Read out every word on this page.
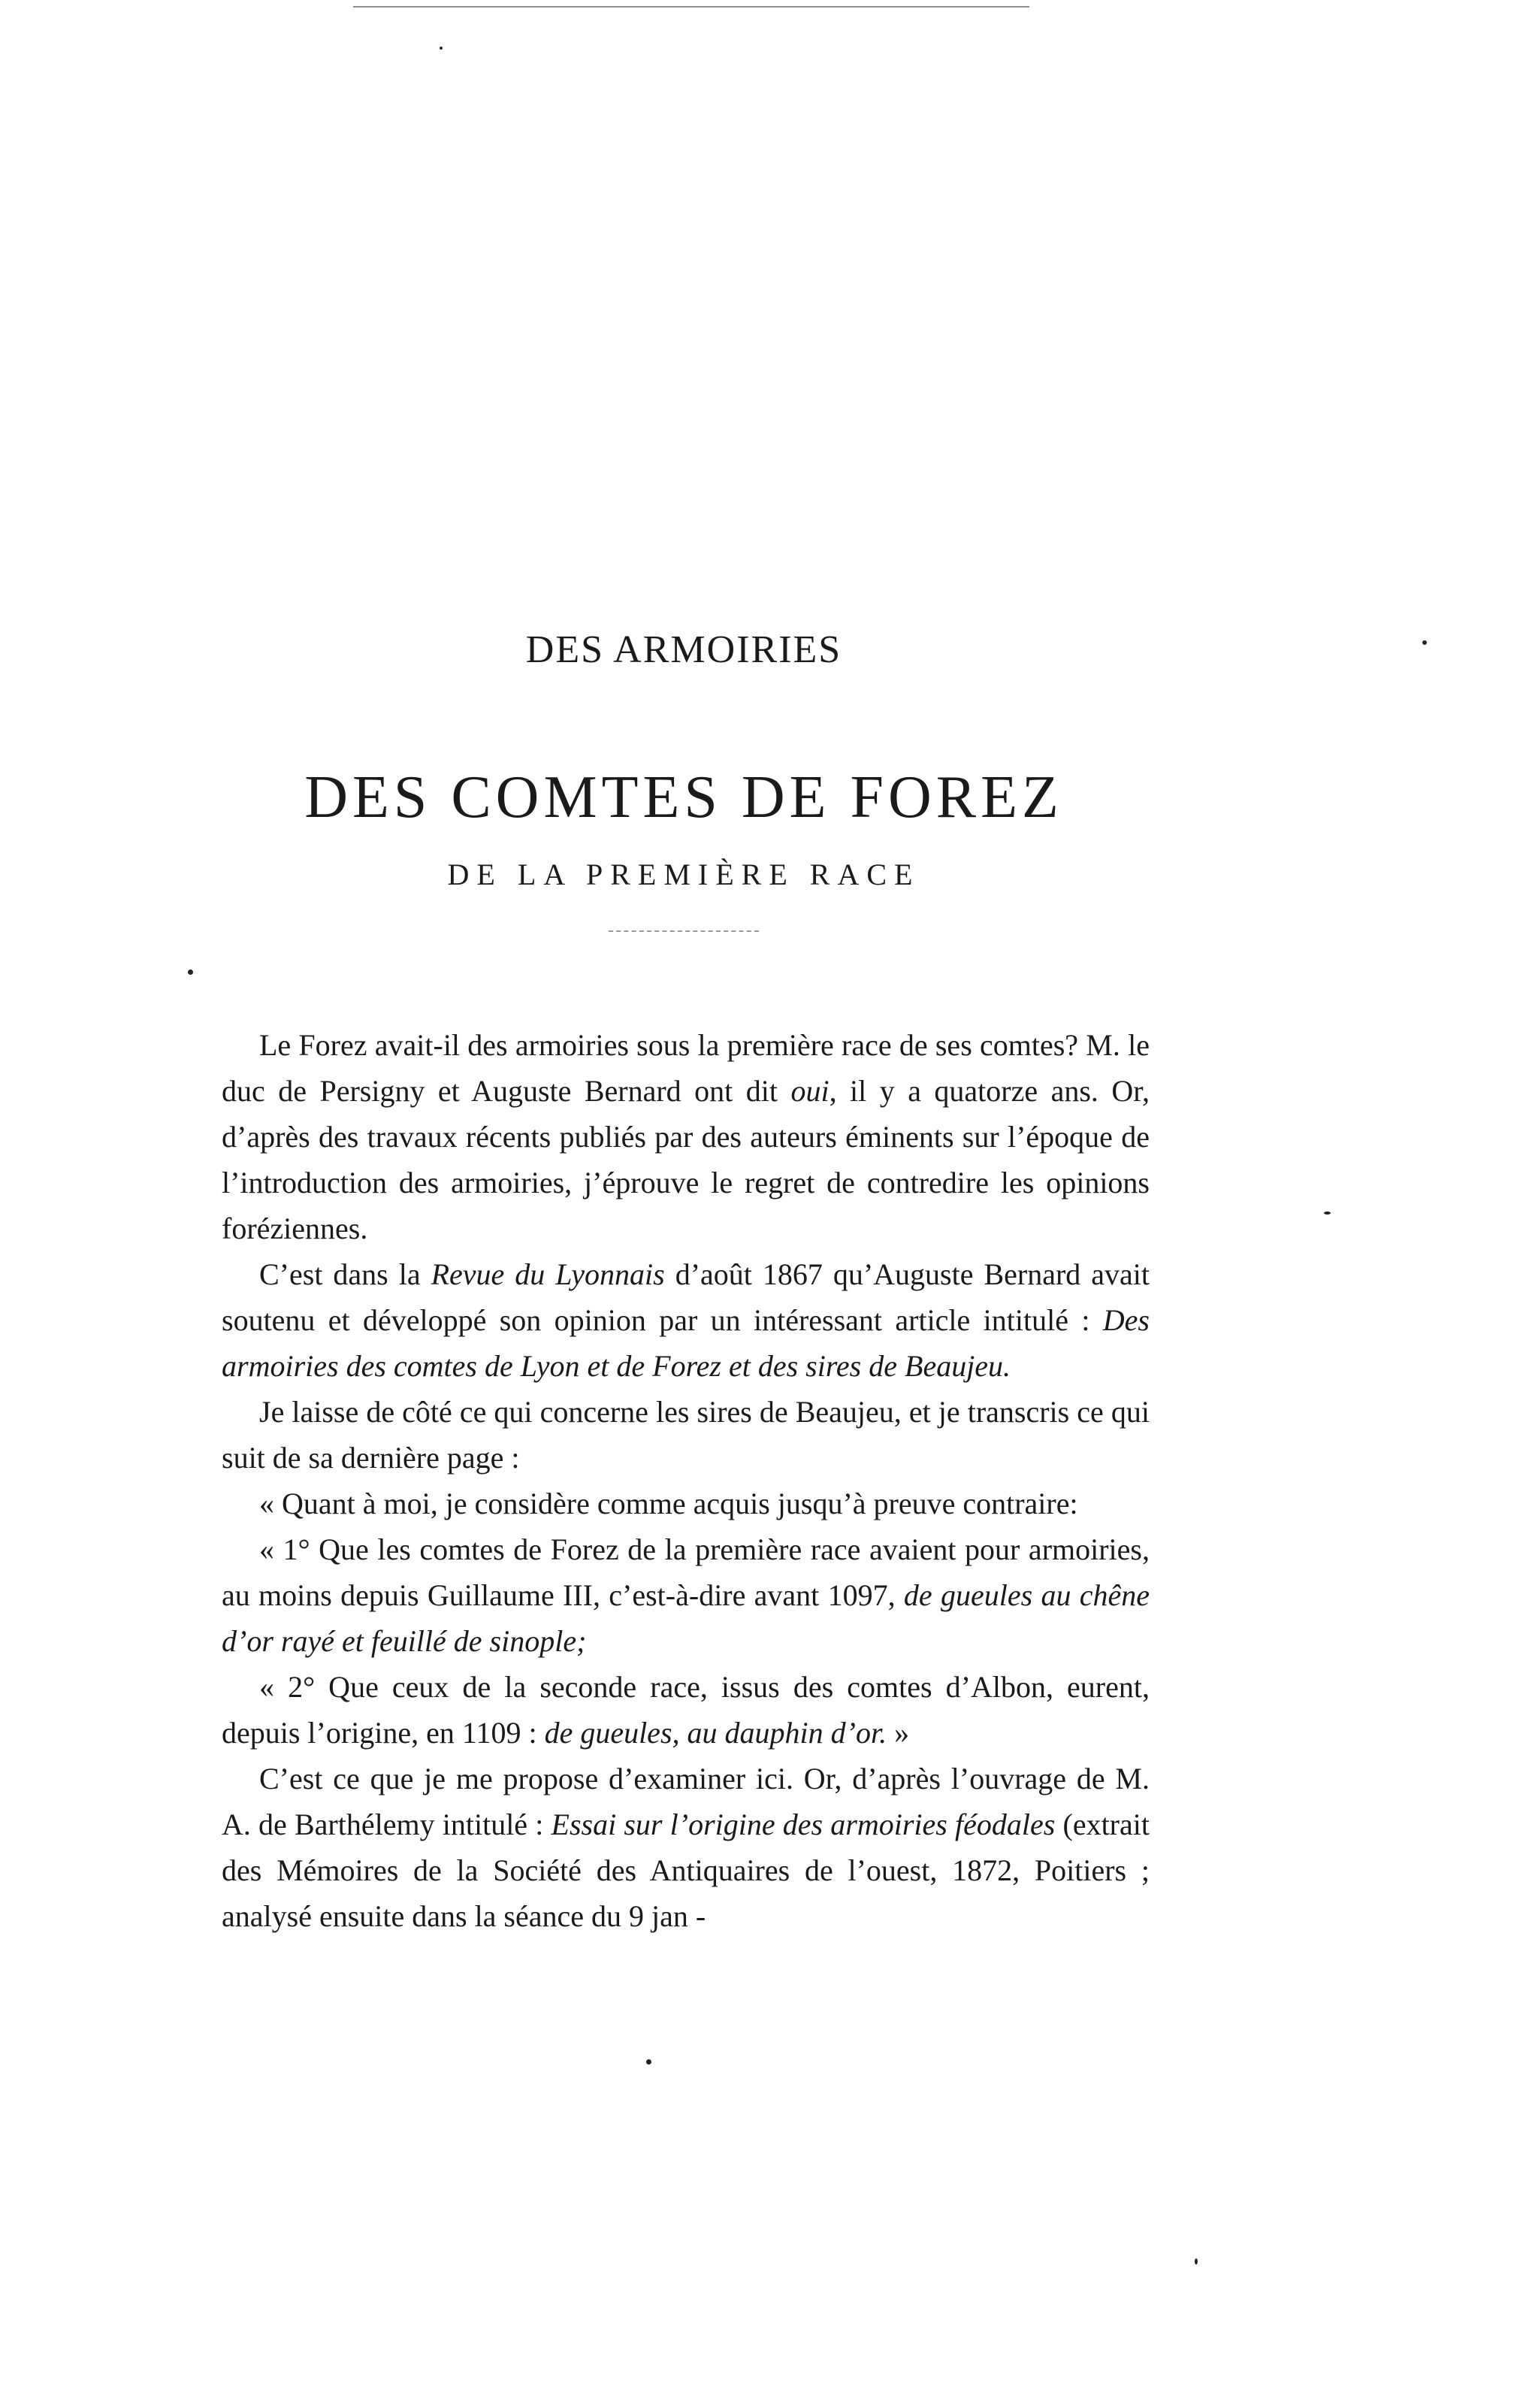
DES ARMOIRIES
DES COMTES DE FOREZ
DE LA PREMIÈRE RACE

Le Forez avait-il des armoiries sous la première race de ses comtes? M. le duc de Persigny et Auguste Bernard ont dit oui, il y a quatorze ans. Or, d’après des travaux récents publiés par des auteurs éminents sur l’époque de l’introduction des armoiries, j’éprouve le regret de contredire les opinions foréziennes.

C’est dans la Revue du Lyonnais d’août 1867 qu’Auguste Bernard avait soutenu et développé son opinion par un intéressant article intitulé : Des armoiries des comtes de Lyon et de Forez et des sires de Beaujeu.

Je laisse de côté ce qui concerne les sires de Beaujeu, et je transcris ce qui suit de sa dernière page :

« Quant à moi, je considère comme acquis jusqu’à preuve contraire:

« 1° Que les comtes de Forez de la première race avaient pour armoiries, au moins depuis Guillaume III, c’est-à-dire avant 1097, de gueules au chêne d’or rayé et feuillé de sinople;

« 2° Que ceux de la seconde race, issus des comtes d’Albon, eurent, depuis l’origine, en 1109 : de gueules, au dauphin d’or. »

C’est ce que je me propose d’examiner ici. Or, d’après l’ouvrage de M. A. de Barthélemy intitulé : Essai sur l’origine des armoiries féodales (extrait des Mémoires de la Société des Antiquaires de l’ouest, 1872, Poitiers ; analysé ensuite dans la séance du 9 jan -
